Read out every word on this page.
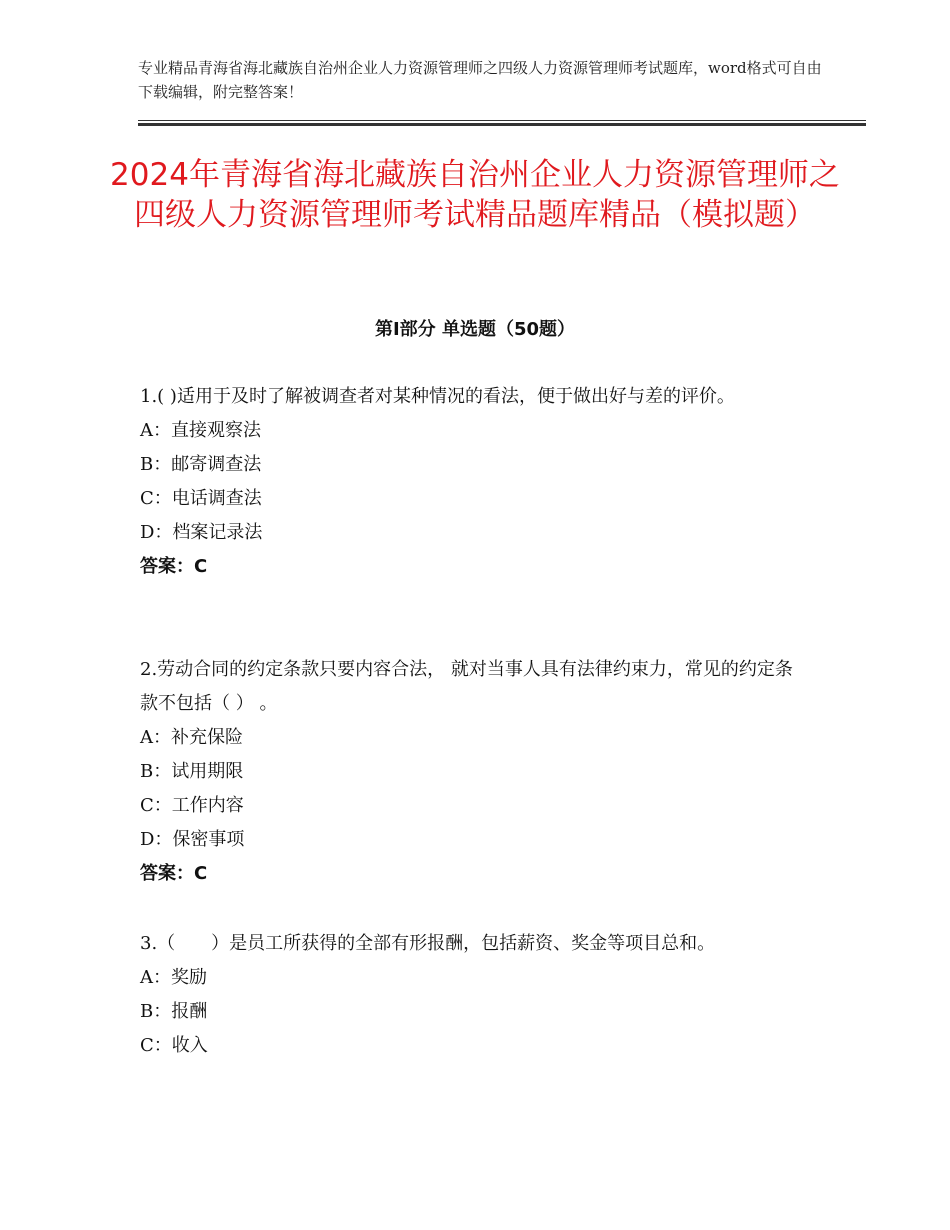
专业精品青海省海北藏族自治州企业人力资源管理师之四级人力资源管理师考试题库，word格式可自由下载编辑，附完整答案！
2024年青海省海北藏族自治州企业人力资源管理师之四级人力资源管理师考试精品题库精品（模拟题）
第Ⅰ部分 单选题（50题）
1.( )适用于及时了解被调查者对某种情况的看法，便于做出好与差的评价。
A：直接观察法
B：邮寄调查法
C：电话调查法
D：档案记录法
答案：C
2.劳动合同的约定条款只要内容合法， 就对当事人具有法律约束力，常见的约定条款不包括（ ） 。
A：补充保险
B：试用期限
C：工作内容
D：保密事项
答案：C
3.（　　）是员工所获得的全部有形报酬，包括薪资、奖金等项目总和。
A：奖励
B：报酬
C：收入
